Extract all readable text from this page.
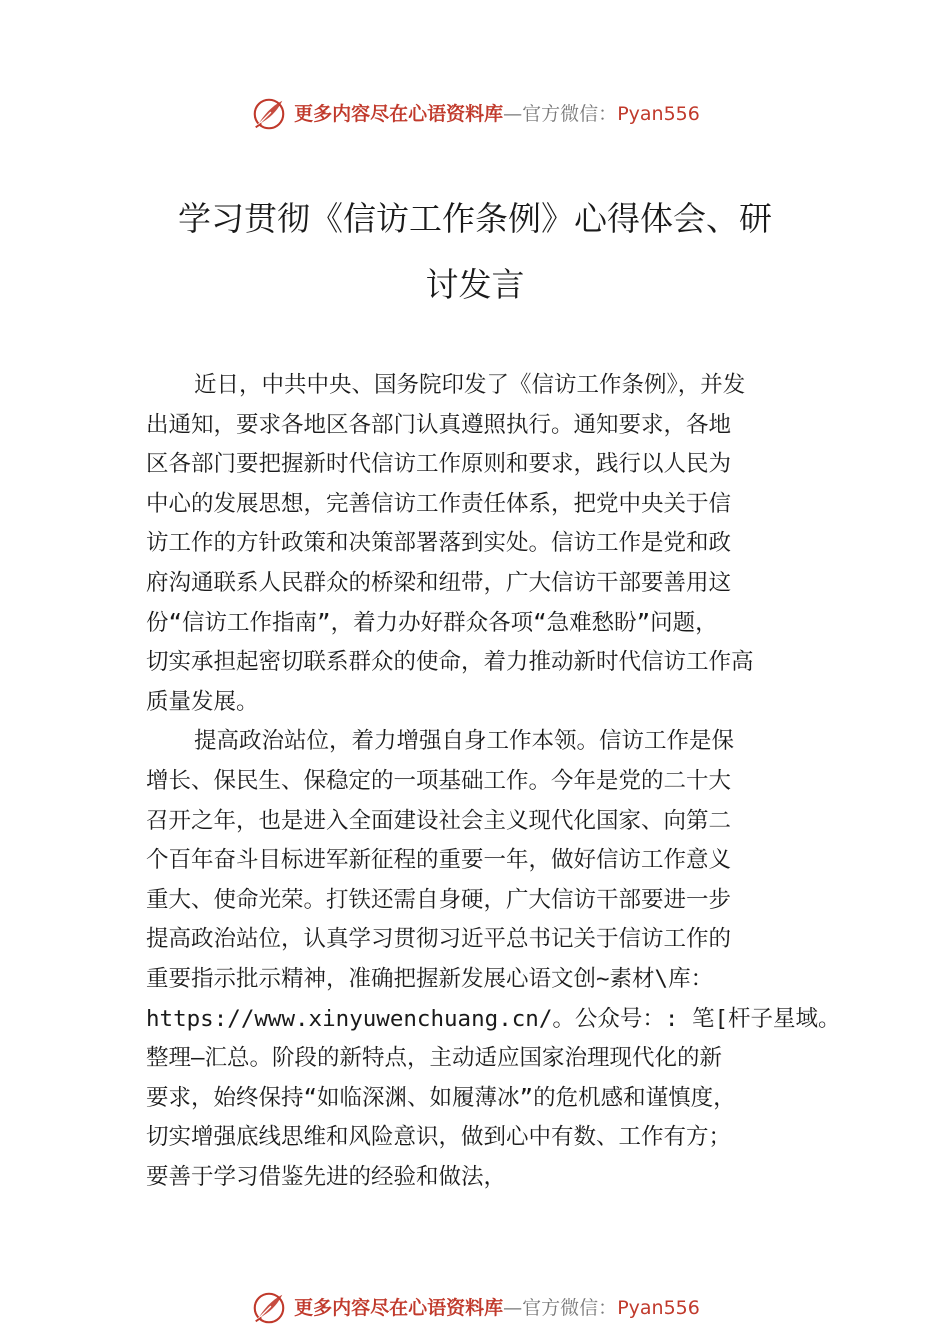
更多内容尽在心语资料库—官方微信：Pyan556
学习贯彻《信访工作条例》心得体会、研
讨发言
近日，中共中央、国务院印发了《信访工作条例》，并发
出通知，要求各地区各部门认真遵照执行。通知要求，各地
区各部门要把握新时代信访工作原则和要求，践行以人民为
中心的发展思想，完善信访工作责任体系，把党中央关于信
访工作的方针政策和决策部署落到实处。信访工作是党和政
府沟通联系人民群众的桥梁和纽带，广大信访干部要善用这
份“信访工作指南”，着力办好群众各项“急难愁盼”问题，
切实承担起密切联系群众的使命，着力推动新时代信访工作高
质量发展。
提高政治站位，着力增强自身工作本领。信访工作是保
增长、保民生、保稳定的一项基础工作。今年是党的二十大
召开之年，也是进入全面建设社会主义现代化国家、向第二
个百年奋斗目标进军新征程的重要一年，做好信访工作意义
重大、使命光荣。打铁还需自身硬，广大信访干部要进一步
提高政治站位，认真学习贯彻习近平总书记关于信访工作的
重要指示批示精神，准确把握新发展心语文创~素材\库：
https://www.xinyuwenchuang.cn/。公众号：: 笔[杆子星域。
整理—汇总。阶段的新特点，主动适应国家治理现代化的新
要求，始终保持“如临深渊、如履薄冰”的危机感和谨慎度，
切实增强底线思维和风险意识，做到心中有数、工作有方；
要善于学习借鉴先进的经验和做法，
更多内容尽在心语资料库—官方微信：Pyan556
